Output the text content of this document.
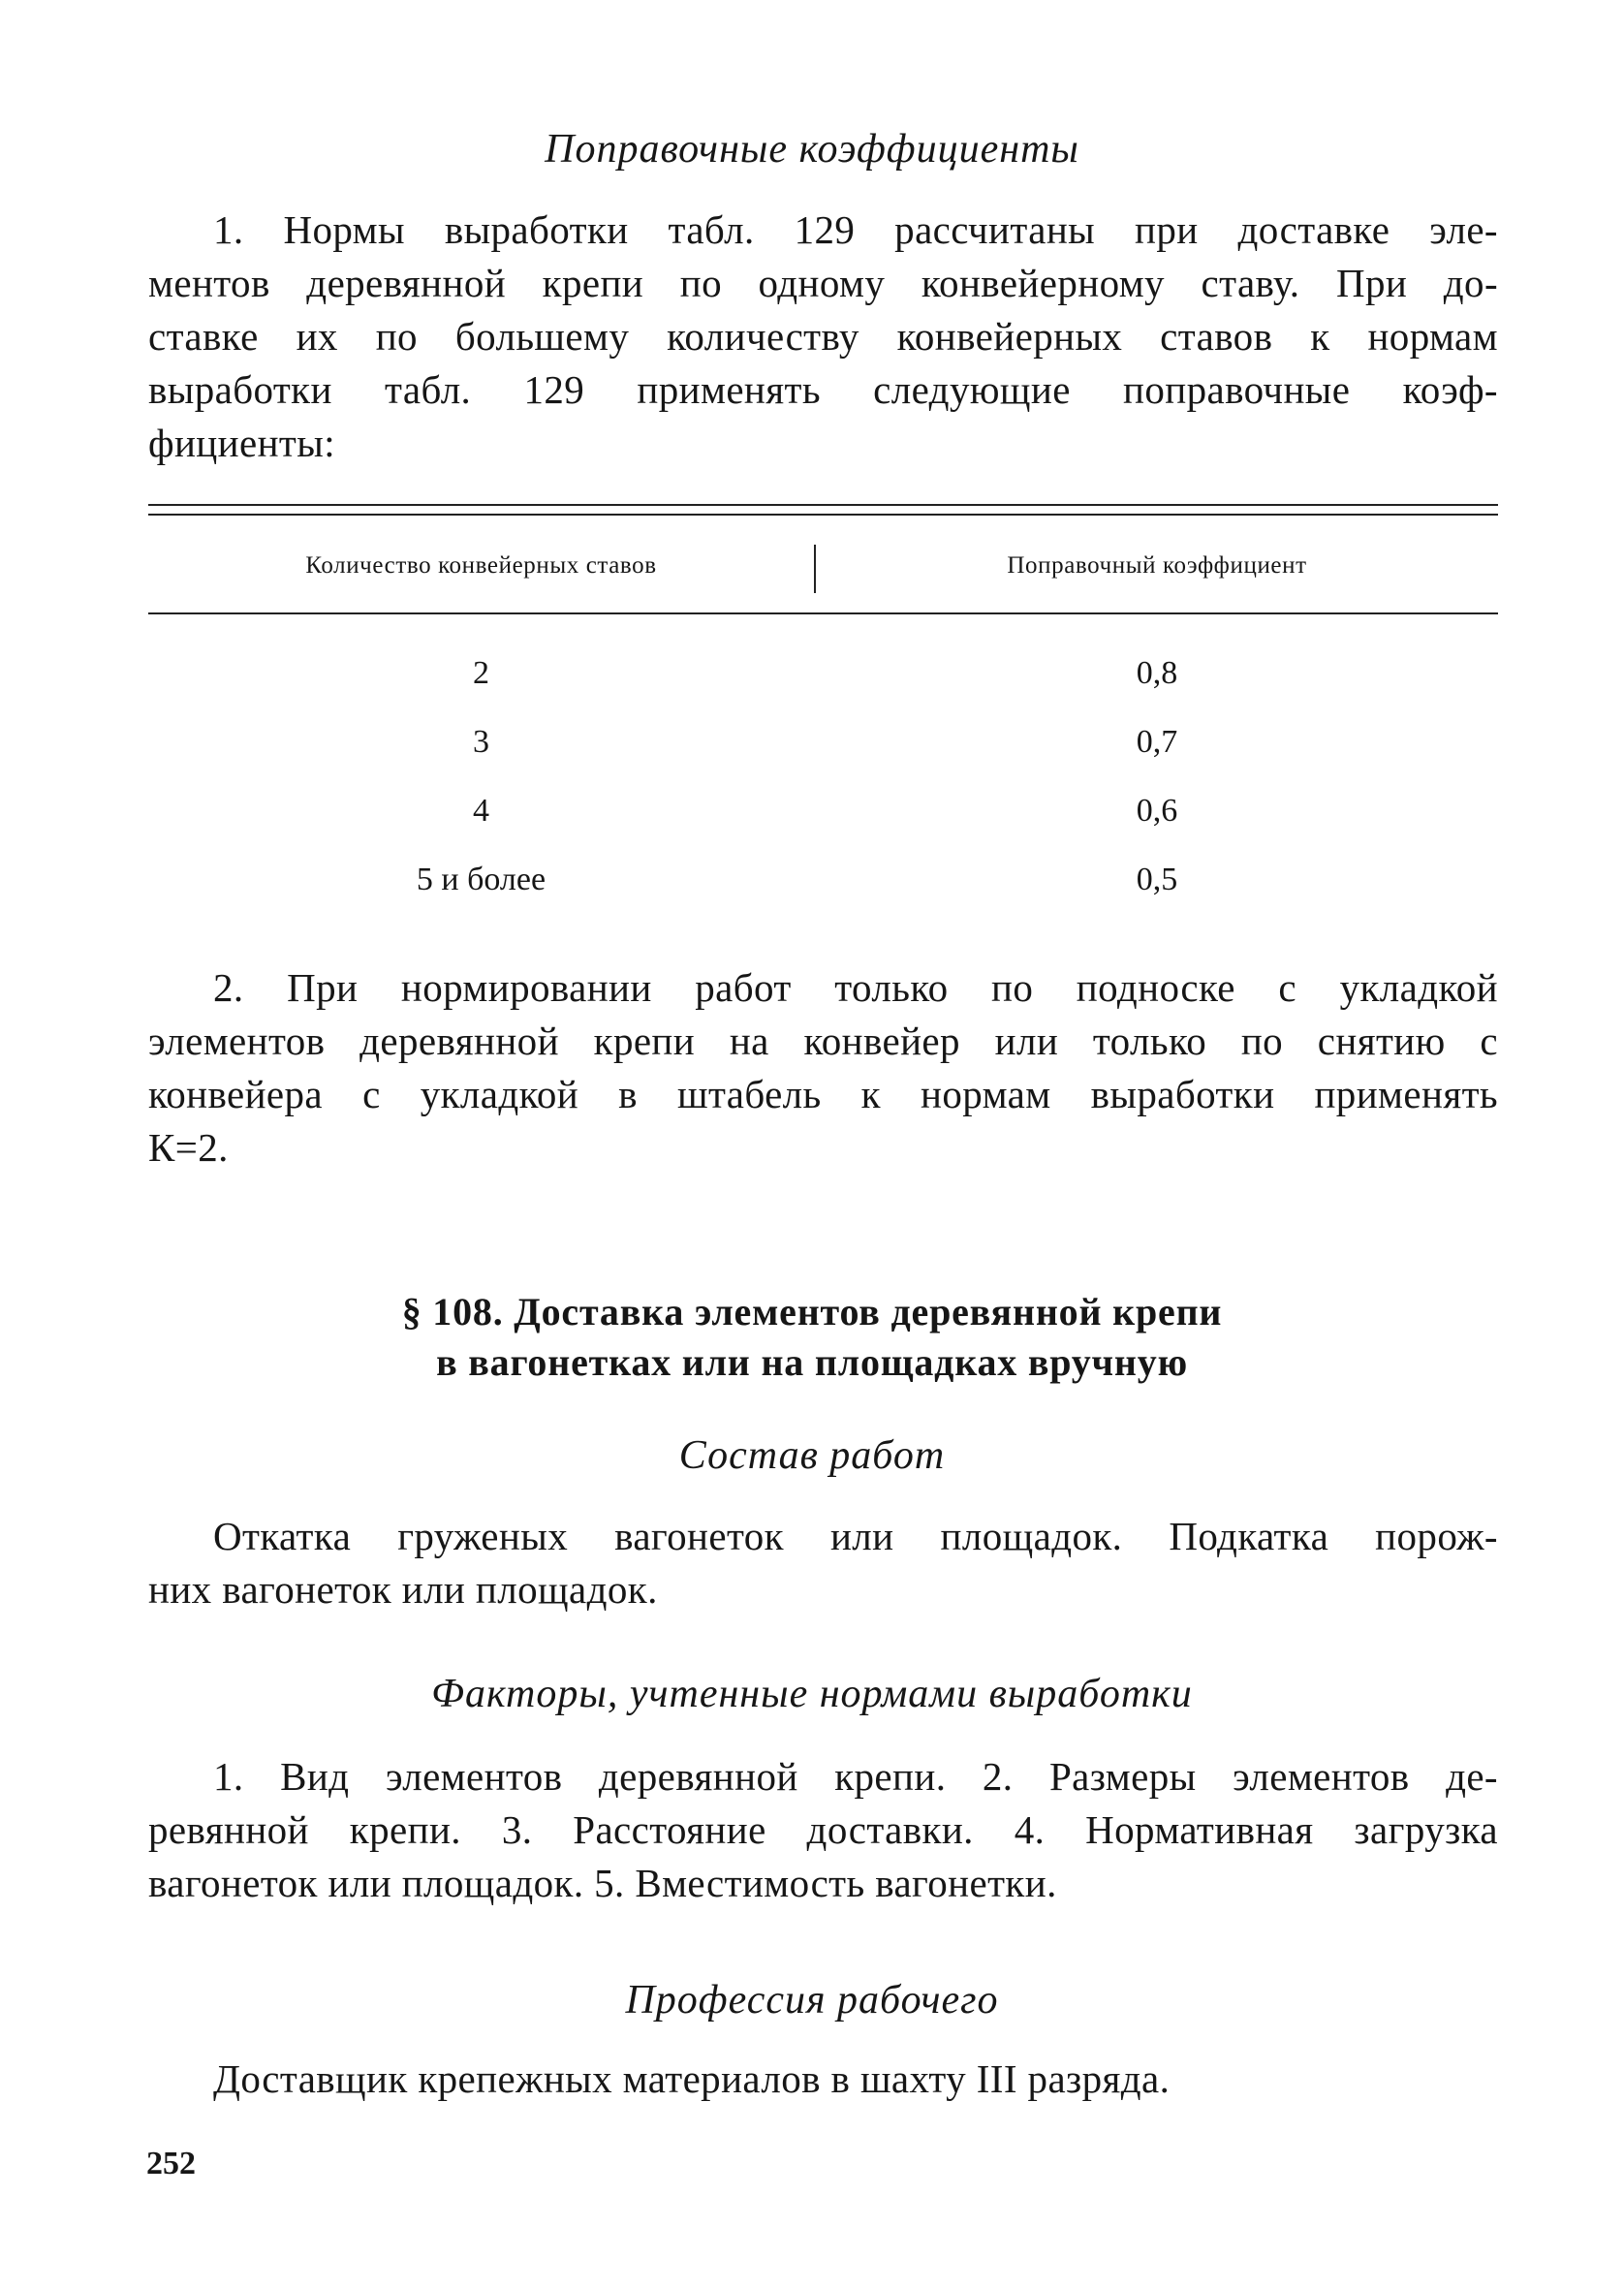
Поправочные коэффициенты
1. Нормы выработки табл. 129 рассчитаны при доставке эле-
ментов деревянной крепи по одному конвейерному ставу. При до-
ставке их по большему количеству конвейерных ставов к нормам
выработки табл. 129 применять следующие поправочные коэф-
фициенты:
Количество конвейерных ставов	Поправочный коэффициент
2	0,8
3	0,7
4	0,6
5 и более	0,5
2. При нормировании работ только по подноске с укладкой
элементов деревянной крепи на конвейер или только по снятию с
конвейера с укладкой в штабель к нормам выработки применять
К=2.
§ 108. Доставка элементов деревянной крепи
в вагонетках или на площадках вручную
Состав работ
Откатка груженых вагонеток или площадок. Подкатка порож-
них вагонеток или площадок.
Факторы, учтенные нормами выработки
1. Вид элементов деревянной крепи. 2. Размеры элементов де-
ревянной крепи. 3. Расстояние доставки. 4. Нормативная загрузка
вагонеток или площадок. 5. Вместимость вагонетки.
Профессия рабочего
Доставщик крепежных материалов в шахту III разряда.
252
